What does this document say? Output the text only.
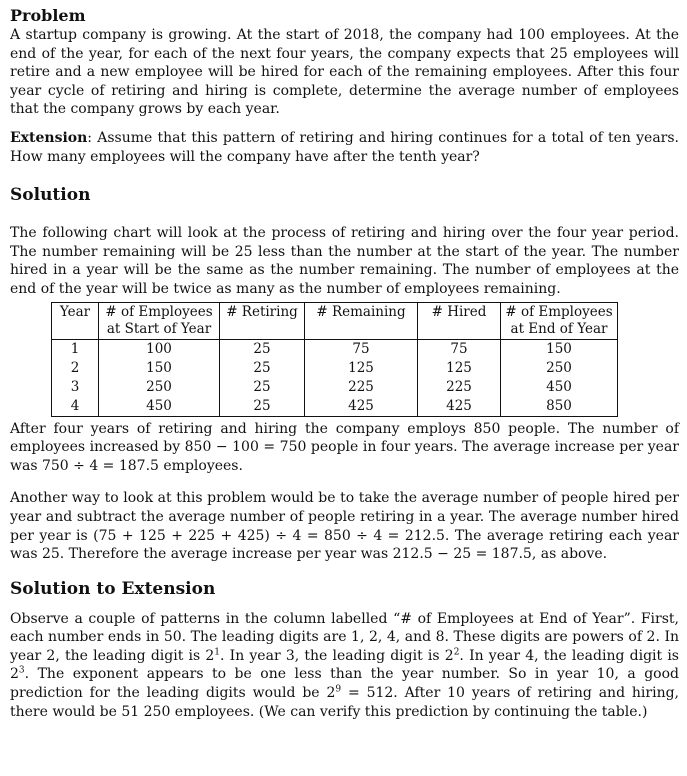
Problem

A startup company is growing. At the start of 2018, the company had 100 employees. At the end of the year, for each of the next four years, the company expects that 25 employees will retire and a new employee will be hired for each of the remaining employees. After this four year cycle of retiring and hiring is complete, determine the average number of employees that the company grows by each year.

Extension: Assume that this pattern of retiring and hiring continues for a total of ten years. How many employees will the company have after the tenth year?

Solution

The following chart will look at the process of retiring and hiring over the four year period. The number remaining will be 25 less than the number at the start of the year. The number hired in a year will be the same as the number remaining. The number of employees at the end of the year will be twice as many as the number of employees remaining.

Year	# of Employees	# Retiring	# Remaining	# Hired	# of Employees
	at Start of Year				at End of Year
1	100	25	75	75	150
2	150	25	125	125	250
3	250	25	225	225	450
4	450	25	425	425	850

After four years of retiring and hiring the company employs 850 people. The number of employees increased by 850 − 100 = 750 people in four years. The average increase per year was 750 ÷ 4 = 187.5 employees.

Another way to look at this problem would be to take the average number of people hired per year and subtract the average number of people retiring in a year. The average number hired per year is (75 + 125 + 225 + 425) ÷ 4 = 850 ÷ 4 = 212.5. The average retiring each year was 25. Therefore the average increase per year was 212.5 − 25 = 187.5, as above.

Solution to Extension

Observe a couple of patterns in the column labelled “# of Employees at End of Year”. First, each number ends in 50. The leading digits are 1, 2, 4, and 8. These digits are powers of 2. In year 2, the leading digit is $2^1$. In year 3, the leading digit is $2^2$. In year 4, the leading digit is $2^3$. The exponent appears to be one less than the year number. So in year 10, a good prediction for the leading digits would be $2^9 = 512$. After 10 years of retiring and hiring, there would be 51 250 employees. (We can verify this prediction by continuing the table.)
